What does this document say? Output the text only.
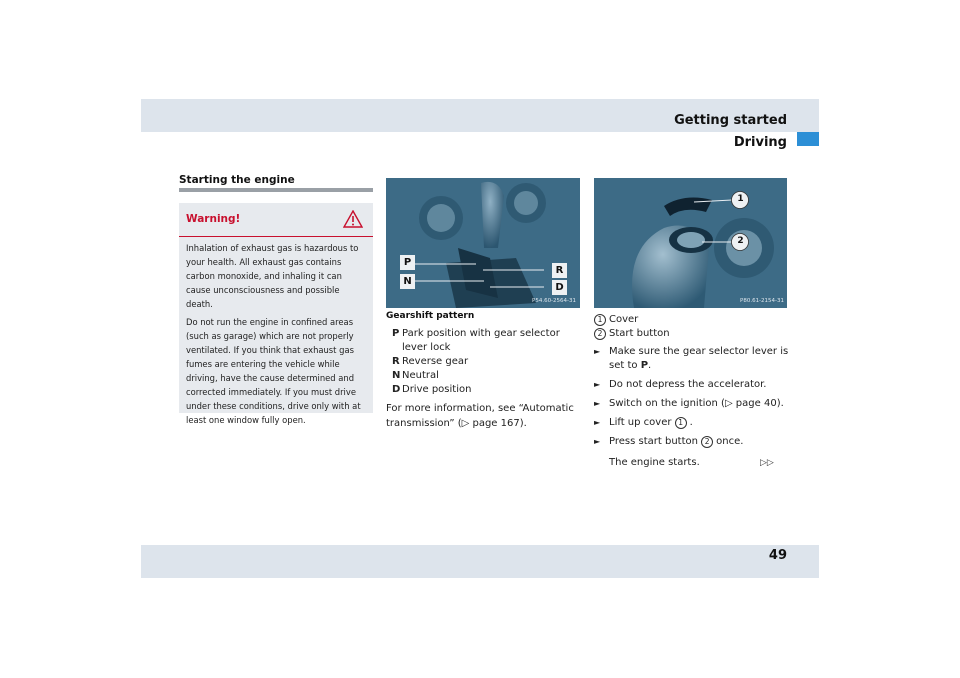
Getting started
Driving
Starting the engine
Warning!

Inhalation of exhaust gas is hazardous to your health. All exhaust gas contains carbon monoxide, and inhaling it can cause unconsciousness and possible death.

Do not run the engine in confined areas (such as garage) which are not properly ventilated. If you think that exhaust gas fumes are entering the vehicle while driving, have the cause determined and corrected immediately. If you must drive under these conditions, drive only with at least one window fully open.

P
N
R
D
P54.60-2564-31
1
2
P80.61-2154-31
Gearshift pattern
P Park position with gear selector lever lock
R Reverse gear
N Neutral
D Drive position
For more information, see “Automatic transmission” (▷ page 167).
1 Cover
2 Start button
► Make sure the gear selector lever is set to P.
► Do not depress the accelerator.
► Switch on the ignition (▷ page 40).
► Lift up cover 1 .
► Press start button 2 once.
The engine starts.	▷▷
49
